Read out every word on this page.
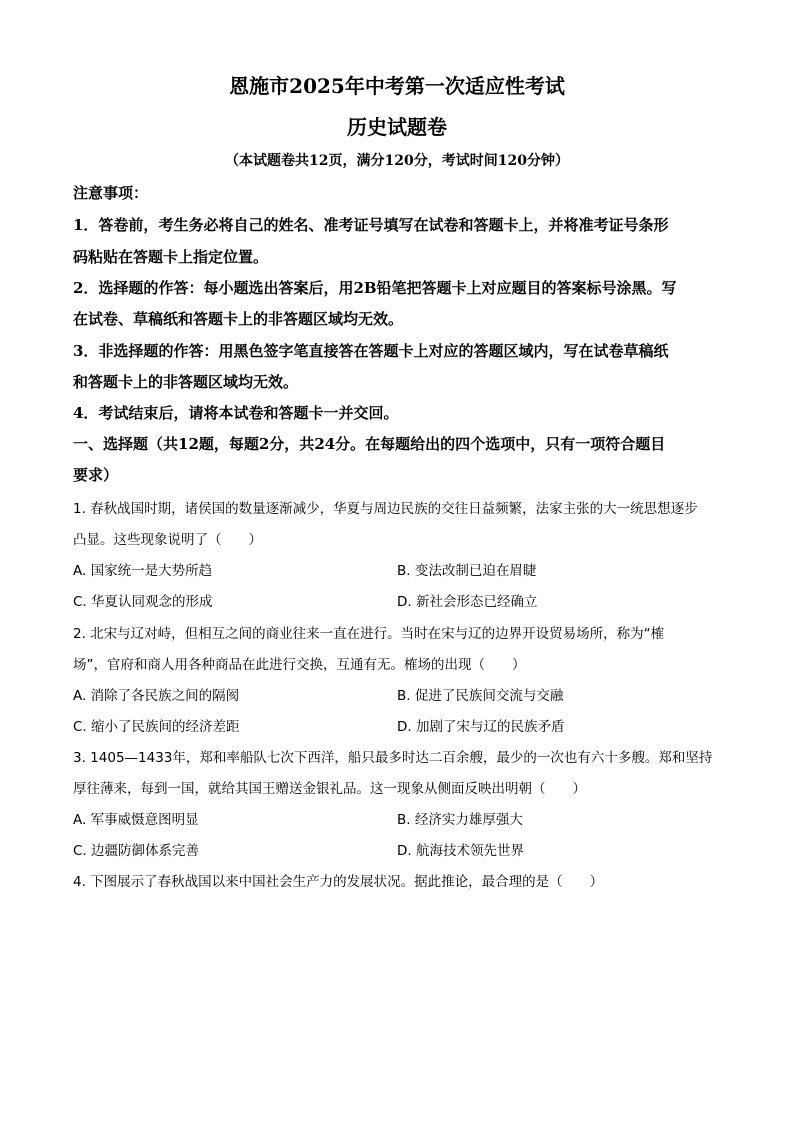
恩施市2025年中考第一次适应性考试
历史试题卷
（本试题卷共12页，满分120分，考试时间120分钟）
注意事项：
1．答卷前，考生务必将自己的姓名、准考证号填写在试卷和答题卡上，并将准考证号条形
码粘贴在答题卡上指定位置。
2．选择题的作答：每小题选出答案后，用2B铅笔把答题卡上对应题目的答案标号涂黑。写
在试卷、草稿纸和答题卡上的非答题区域均无效。
3．非选择题的作答：用黑色签字笔直接答在答题卡上对应的答题区域内，写在试卷草稿纸
和答题卡上的非答题区域均无效。
4．考试结束后，请将本试卷和答题卡一并交回。
一、选择题（共12题，每题2分，共24分。在每题给出的四个选项中，只有一项符合题目
要求）
1. 春秋战国时期，诸侯国的数量逐渐减少，华夏与周边民族的交往日益频繁，法家主张的大一统思想逐步
凸显。这些现象说明了（　　）
A. 国家统一是大势所趋	B. 变法改制已迫在眉睫
C. 华夏认同观念的形成	D. 新社会形态已经确立
2. 北宋与辽对峙，但相互之间的商业往来一直在进行。当时在宋与辽的边界开设贸易场所，称为“榷
场”，官府和商人用各种商品在此进行交换，互通有无。榷场的出现（　　）
A. 消除了各民族之间的隔阂	B. 促进了民族间交流与交融
C. 缩小了民族间的经济差距	D. 加剧了宋与辽的民族矛盾
3. 1405—1433年，郑和率船队七次下西洋，船只最多时达二百余艘，最少的一次也有六十多艘。郑和坚持
厚往薄来，每到一国，就给其国王赠送金银礼品。这一现象从侧面反映出明朝（　　）
A. 军事威慑意图明显	B. 经济实力雄厚强大
C. 边疆防御体系完善	D. 航海技术领先世界
4. 下图展示了春秋战国以来中国社会生产力的发展状况。据此推论，最合理的是（　　）
